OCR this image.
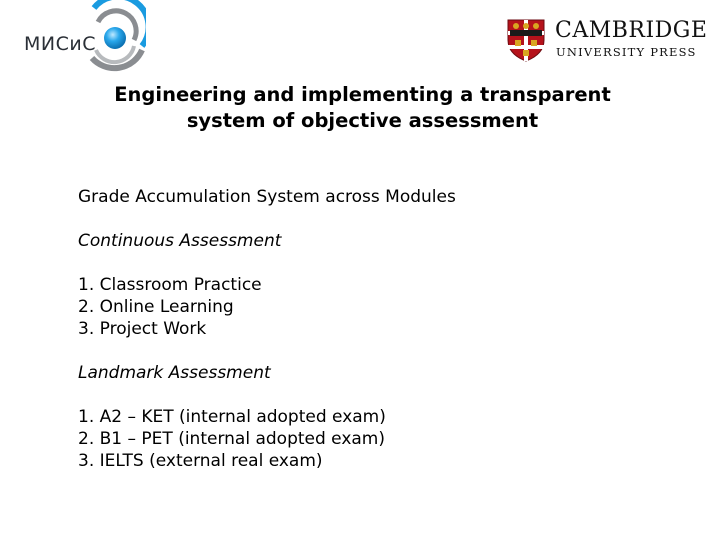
МИСиС
CAMBRIDGE
UNIVERSITY PRESS
Engineering and implementing a transparent
system of objective assessment
Grade Accumulation System across Modules
Continuous Assessment
1. Classroom Practice
2. Online Learning
3. Project Work
Landmark Assessment
1. A2 – KET (internal adopted exam)
2. B1 – PET (internal adopted exam)
3. IELTS (external real exam)
